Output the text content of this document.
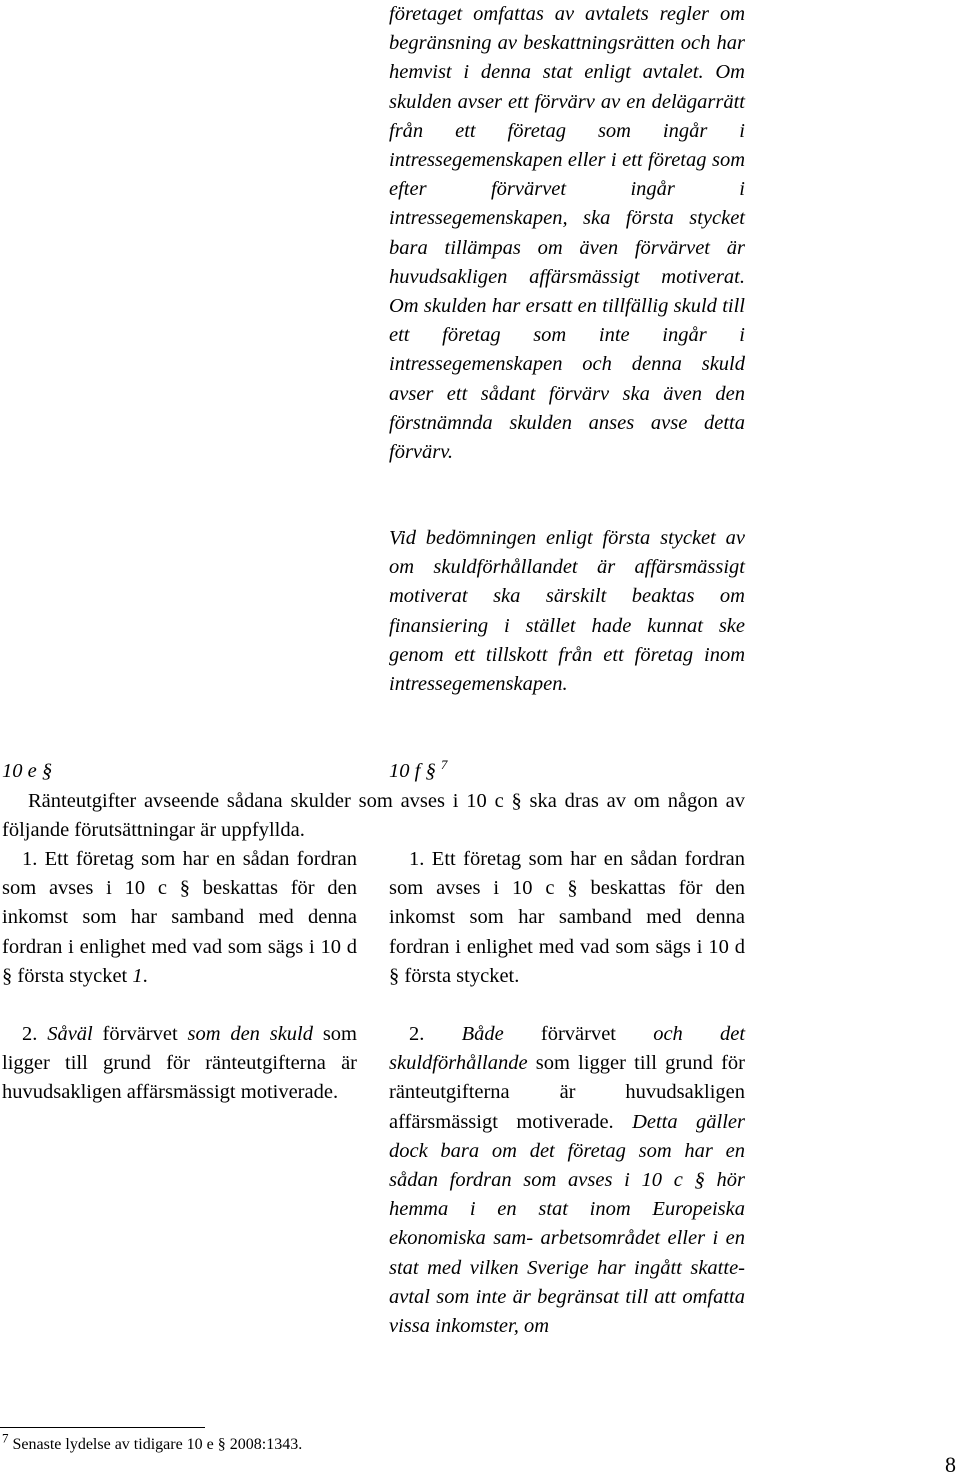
företaget omfattas av avtalets regler om begränsning av beskattningsrätten och har hemvist i denna stat enligt avtalet. Om skulden avser ett förvärv av en delägarrätt från ett företag som ingår i intressegemenskapen eller i ett företag som efter förvärvet ingår i intressegemenskapen, ska första stycket bara tillämpas om även förvärvet är huvudsakligen affärsmässigt motiverat. Om skulden har ersatt en tillfällig skuld till ett företag som inte ingår i intressegemenskapen och denna skuld avser ett sådant förvärv ska även den förstnämnda skulden anses avse detta förvärv.

Vid bedömningen enligt första stycket av om skuldförhållandet är affärsmässigt motiverat ska särskilt beaktas om finansiering i stället hade kunnat ske genom ett tillskott från ett företag inom intressegemenskapen.

10 e §	10 f § $^7$

Ränteutgifter avseende sådana skulder som avses i 10 c § ska dras av om någon av följande förutsättningar är uppfyllda.

1. Ett företag som har en sådan fordran som avses i 10 c § beskattas för den inkomst som har samband med denna fordran i enlighet med vad som sägs i 10 d § första stycket 1.

2. Såväl förvärvet som den skuld som ligger till grund för ränteutgifterna är huvudsakligen affärsmässigt motiverade.

1. Ett företag som har en sådan fordran som avses i 10 c § beskattas för den inkomst som har samband med denna fordran i enlighet med vad som sägs i 10 d § första stycket.

2. Både förvärvet och det skuldförhållande som ligger till grund för ränteutgifterna är huvudsakligen affärsmässigt motiverade. Detta gäller dock bara om det företag som har en sådan fordran som avses i 10 c § hör hemma i en stat inom Europeiska ekonomiska sam- arbetsområdet eller i en stat med vilken Sverige har ingått skatte- avtal som inte är begränsat till att omfatta vissa inkomster, om

$^7$ Senaste lydelse av tidigare 10 e § 2008:1343.
8
